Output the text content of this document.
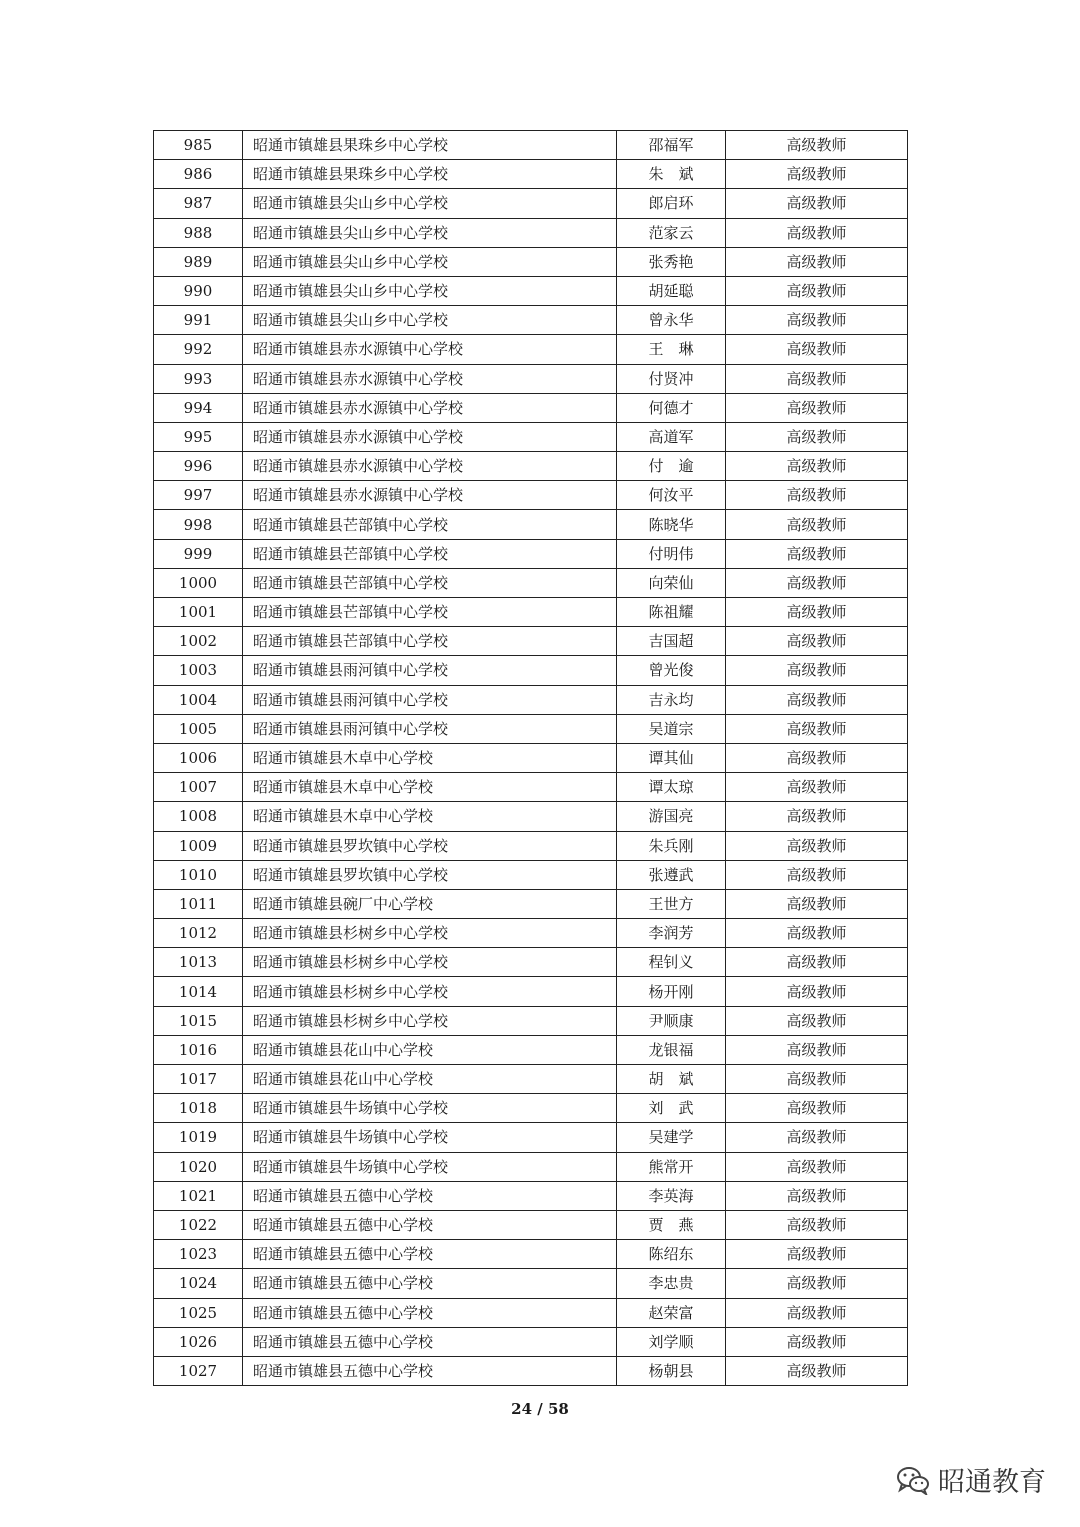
985	昭通市镇雄县果珠乡中心学校	邵福军	高级教师
986	昭通市镇雄县果珠乡中心学校	朱　斌	高级教师
987	昭通市镇雄县尖山乡中心学校	郎启环	高级教师
988	昭通市镇雄县尖山乡中心学校	范家云	高级教师
989	昭通市镇雄县尖山乡中心学校	张秀艳	高级教师
990	昭通市镇雄县尖山乡中心学校	胡延聪	高级教师
991	昭通市镇雄县尖山乡中心学校	曾永华	高级教师
992	昭通市镇雄县赤水源镇中心学校	王　琳	高级教师
993	昭通市镇雄县赤水源镇中心学校	付贤冲	高级教师
994	昭通市镇雄县赤水源镇中心学校	何德才	高级教师
995	昭通市镇雄县赤水源镇中心学校	高道军	高级教师
996	昭通市镇雄县赤水源镇中心学校	付　逾	高级教师
997	昭通市镇雄县赤水源镇中心学校	何汝平	高级教师
998	昭通市镇雄县芒部镇中心学校	陈晓华	高级教师
999	昭通市镇雄县芒部镇中心学校	付明伟	高级教师
1000	昭通市镇雄县芒部镇中心学校	向荣仙	高级教师
1001	昭通市镇雄县芒部镇中心学校	陈祖耀	高级教师
1002	昭通市镇雄县芒部镇中心学校	吉国超	高级教师
1003	昭通市镇雄县雨河镇中心学校	曾光俊	高级教师
1004	昭通市镇雄县雨河镇中心学校	吉永均	高级教师
1005	昭通市镇雄县雨河镇中心学校	吴道宗	高级教师
1006	昭通市镇雄县木卓中心学校	谭其仙	高级教师
1007	昭通市镇雄县木卓中心学校	谭太琼	高级教师
1008	昭通市镇雄县木卓中心学校	游国亮	高级教师
1009	昭通市镇雄县罗坎镇中心学校	朱兵刚	高级教师
1010	昭通市镇雄县罗坎镇中心学校	张遵武	高级教师
1011	昭通市镇雄县碗厂中心学校	王世方	高级教师
1012	昭通市镇雄县杉树乡中心学校	李润芳	高级教师
1013	昭通市镇雄县杉树乡中心学校	程钊义	高级教师
1014	昭通市镇雄县杉树乡中心学校	杨开刚	高级教师
1015	昭通市镇雄县杉树乡中心学校	尹顺康	高级教师
1016	昭通市镇雄县花山中心学校	龙银福	高级教师
1017	昭通市镇雄县花山中心学校	胡　斌	高级教师
1018	昭通市镇雄县牛场镇中心学校	刘　武	高级教师
1019	昭通市镇雄县牛场镇中心学校	吴建学	高级教师
1020	昭通市镇雄县牛场镇中心学校	熊常开	高级教师
1021	昭通市镇雄县五德中心学校	李英海	高级教师
1022	昭通市镇雄县五德中心学校	贾　燕	高级教师
1023	昭通市镇雄县五德中心学校	陈绍东	高级教师
1024	昭通市镇雄县五德中心学校	李忠贵	高级教师
1025	昭通市镇雄县五德中心学校	赵荣富	高级教师
1026	昭通市镇雄县五德中心学校	刘学顺	高级教师
1027	昭通市镇雄县五德中心学校	杨朝县	高级教师
24 / 58
昭通教育
